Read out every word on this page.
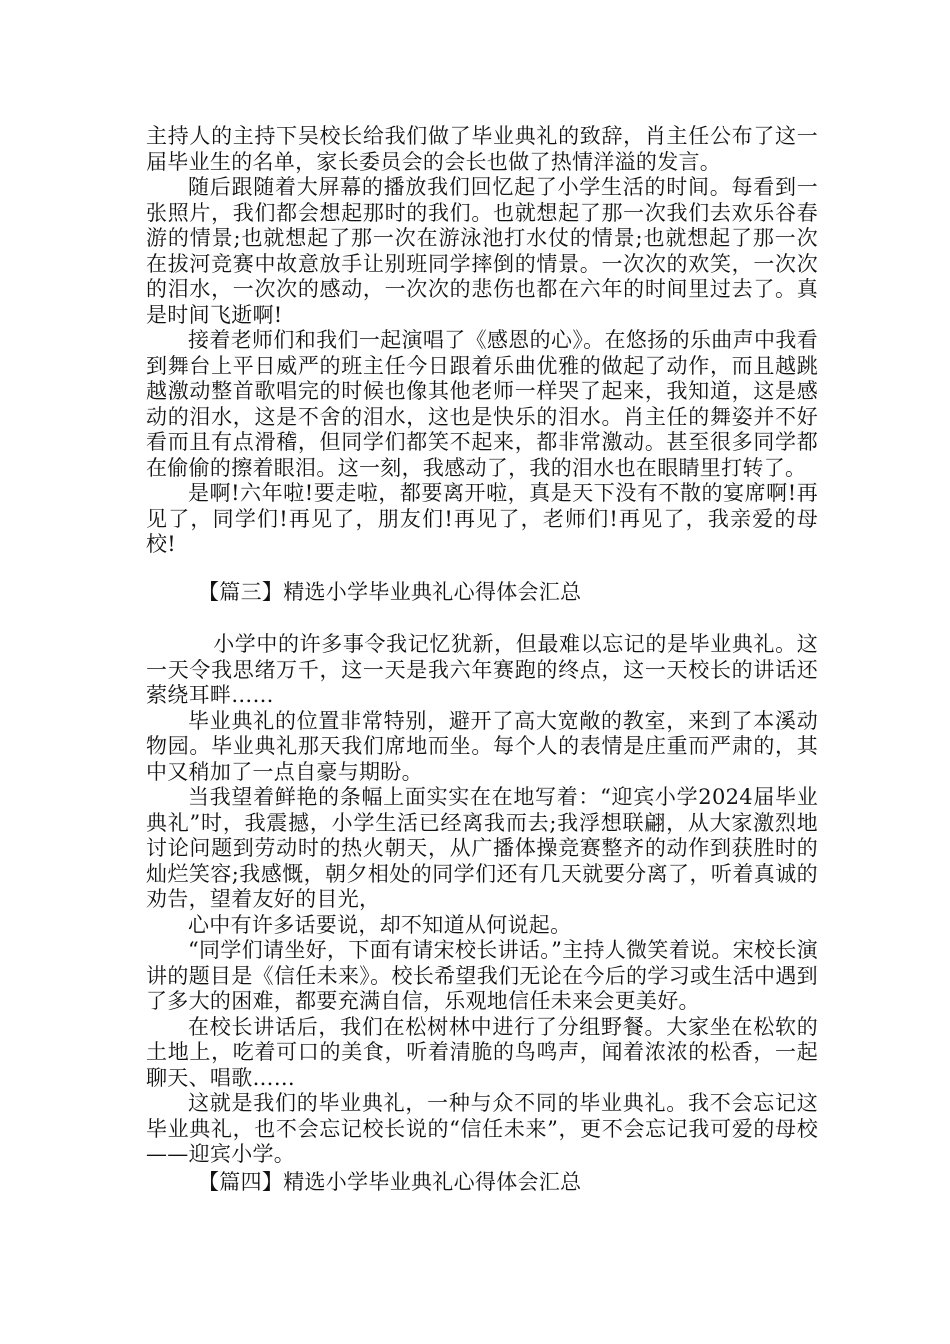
主持人的主持下吴校长给我们做了毕业典礼的致辞，肖主任公布了这一届毕业生的名单，家长委员会的会长也做了热情洋溢的发言。

随后跟随着大屏幕的播放我们回忆起了小学生活的时间。每看到一张照片，我们都会想起那时的我们。也就想起了那一次我们去欢乐谷春游的情景;也就想起了那一次在游泳池打水仗的情景;也就想起了那一次在拔河竞赛中故意放手让别班同学摔倒的情景。一次次的欢笑，一次次的泪水，一次次的感动，一次次的悲伤也都在六年的时间里过去了。真是时间飞逝啊!

接着老师们和我们一起演唱了《感恩的心》。在悠扬的乐曲声中我看到舞台上平日威严的班主任今日跟着乐曲优雅的做起了动作，而且越跳越激动整首歌唱完的时候也像其他老师一样哭了起来，我知道，这是感动的泪水，这是不舍的泪水，这也是快乐的泪水。肖主任的舞姿并不好看而且有点滑稽，但同学们都笑不起来，都非常激动。甚至很多同学都在偷偷的擦着眼泪。这一刻，我感动了，我的泪水也在眼睛里打转了。

是啊!六年啦!要走啦，都要离开啦，真是天下没有不散的宴席啊!再见了，同学们!再见了，朋友们!再见了，老师们!再见了，我亲爱的母校!

【篇三】精选小学毕业典礼心得体会汇总

小学中的许多事令我记忆犹新，但最难以忘记的是毕业典礼。这一天令我思绪万千，这一天是我六年赛跑的终点，这一天校长的讲话还萦绕耳畔……

毕业典礼的位置非常特别，避开了高大宽敞的教室，来到了本溪动物园。毕业典礼那天我们席地而坐。每个人的表情是庄重而严肃的，其中又稍加了一点自豪与期盼。

当我望着鲜艳的条幅上面实实在在地写着：“迎宾小学2024届毕业典礼”时，我震撼，小学生活已经离我而去;我浮想联翩，从大家激烈地讨论问题到劳动时的热火朝天，从广播体操竞赛整齐的动作到获胜时的灿烂笑容;我感慨，朝夕相处的同学们还有几天就要分离了，听着真诚的劝告，望着友好的目光，

心中有许多话要说，却不知道从何说起。

“同学们请坐好，下面有请宋校长讲话。”主持人微笑着说。宋校长演讲的题目是《信任未来》。校长希望我们无论在今后的学习或生活中遇到了多大的困难，都要充满自信，乐观地信任未来会更美好。

在校长讲话后，我们在松树林中进行了分组野餐。大家坐在松软的土地上，吃着可口的美食，听着清脆的鸟鸣声，闻着浓浓的松香，一起聊天、唱歌……

这就是我们的毕业典礼，一种与众不同的毕业典礼。我不会忘记这毕业典礼，也不会忘记校长说的“信任未来”，更不会忘记我可爱的母校——迎宾小学。

【篇四】精选小学毕业典礼心得体会汇总
